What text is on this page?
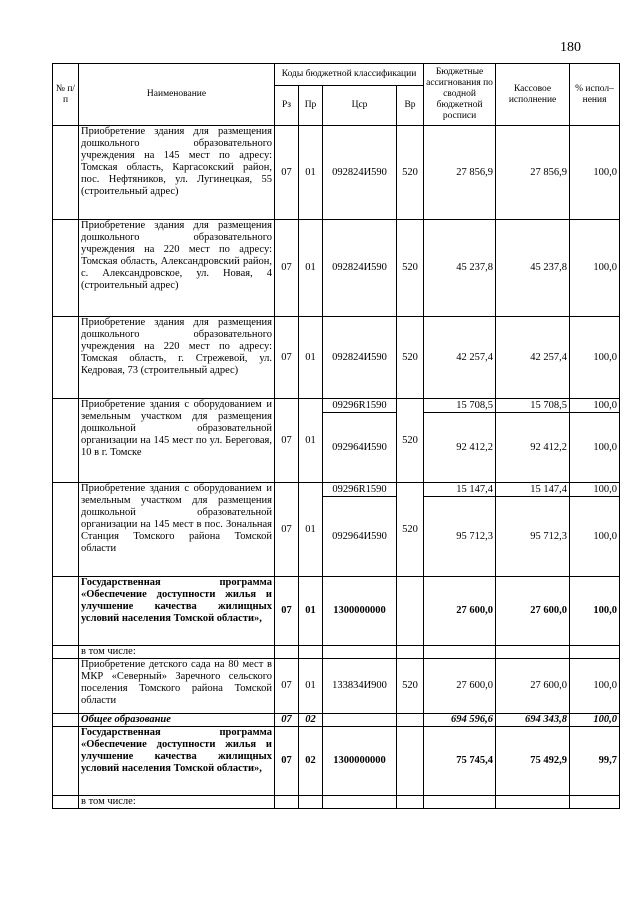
180
№ п/п	Наименование	Коды бюджетной классификации				Бюджетные ассигнования по сводной бюджетной росписи	Кассовое исполнение	% испол–нения
		Рз	Пр	Цср	Вр			
	Приобретение здания для размещения дошкольного образовательного учреждения на 145 мест по адресу: Томская область, Каргасокский район, пос. Нефтяников, ул. Лугинецкая, 55 (строительный адрес)	07	01	092824И590	520	27 856,9	27 856,9	100,0
	Приобретение здания для размещения дошкольного образовательного учреждения на 220 мест по адресу: Томская область, Александровский район, с. Александровское, ул. Новая, 4 (строительный адрес)	07	01	092824И590	520	45 237,8	45 237,8	100,0
	Приобретение здания для размещения дошкольного образовательного учреждения на 220 мест по адресу: Томская область, г. Стрежевой, ул. Кедровая, 73 (строительный адрес)	07	01	092824И590	520	42 257,4	42 257,4	100,0
	Приобретение здания с оборудованием и земельным участком для размещения дошкольной образовательной организации на 145 мест по ул. Береговая, 10 в г. Томске	07	01	09296R1590	520	15 708,5	15 708,5	100,0
				092964И590		92 412,2	92 412,2	100,0
	Приобретение здания с оборудованием и земельным участком для размещения дошкольной образовательной организации на 145 мест в пос. Зональная Станция Томского района Томской области	07	01	09296R1590	520	15 147,4	15 147,4	100,0
				092964И590		95 712,3	95 712,3	100,0
	Государственная программа «Обеспечение доступности жилья и улучшение качества жилищных условий населения Томской области»,	07	01	1300000000		27 600,0	27 600,0	100,0
	в том числе:							
	Приобретение детского сада на 80 мест в МКР «Северный» Заречного сельского поселения Томского района Томской области	07	01	133834И900	520	27 600,0	27 600,0	100,0
	Общее образование	07	02			694 596,6	694 343,8	100,0
	Государственная программа «Обеспечение доступности жилья и улучшение качества жилищных условий населения Томской области»,	07	02	1300000000		75 745,4	75 492,9	99,7
	в том числе:							
